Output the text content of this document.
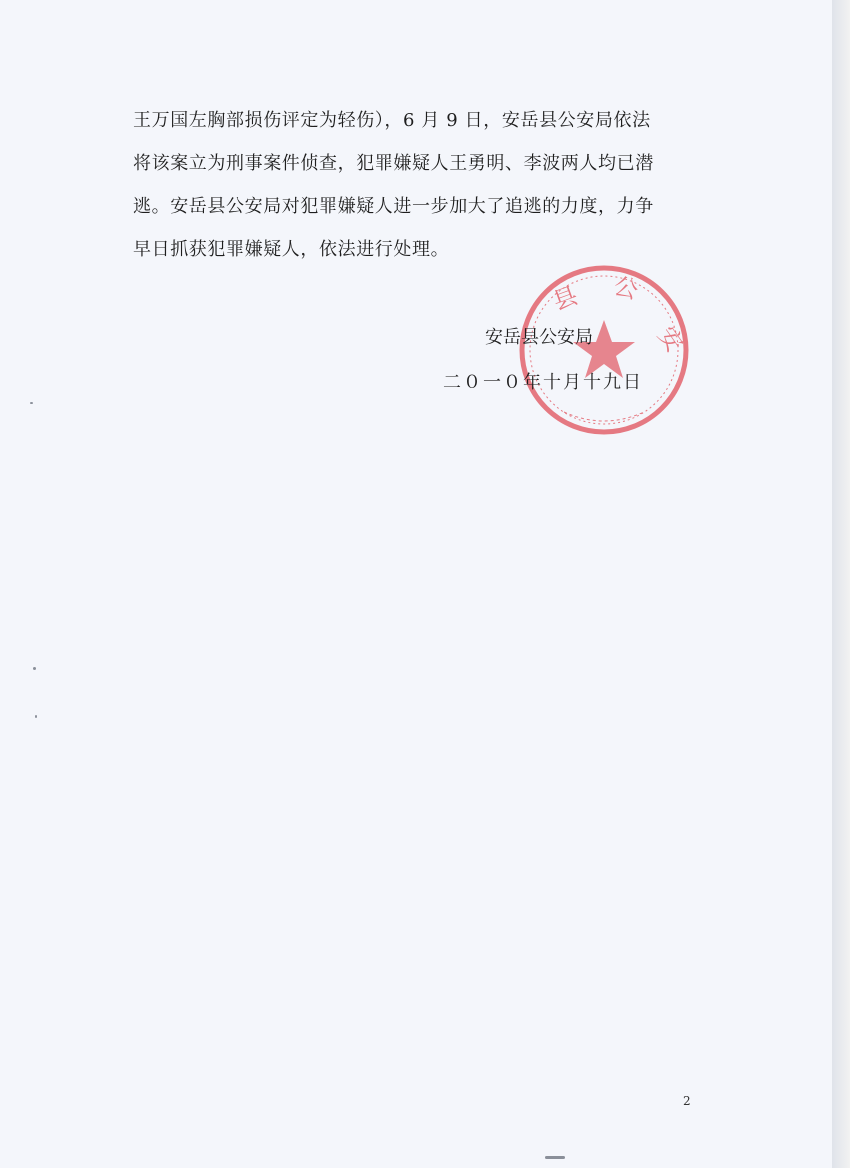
王万国左胸部损伤评定为轻伤），6 月 9 日，安岳县公安局依法
将该案立为刑事案件侦查，犯罪嫌疑人王勇明、李波两人均已潜
逃。安岳县公安局对犯罪嫌疑人进一步加大了追逃的力度，力争
早日抓获犯罪嫌疑人，依法进行处理。
县 公
安
安岳县公安局
二０一０年十月十九日
2
